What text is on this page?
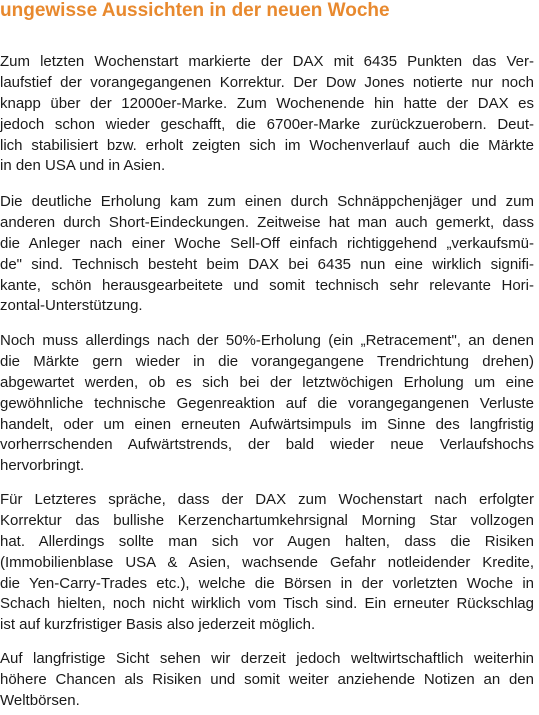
ungewisse Aussichten in der neuen Woche
Zum letzten Wochenstart markierte der DAX mit 6435 Punkten das Ver-
laufstief der vorangegangenen Korrektur. Der Dow Jones notierte nur noch
knapp über der 12000er-Marke. Zum Wochenende hin hatte der DAX es
jedoch schon wieder geschafft, die 6700er-Marke zurückzuerobern. Deut-
lich stabilisiert bzw. erholt zeigten sich im Wochenverlauf auch die Märkte
in den USA und in Asien.
Die deutliche Erholung kam zum einen durch Schnäppchenjäger und zum
anderen durch Short-Eindeckungen. Zeitweise hat man auch gemerkt, dass
die Anleger nach einer Woche Sell-Off einfach richtiggehend „verkaufsmü-
de" sind. Technisch besteht beim DAX bei 6435 nun eine wirklich signifi-
kante, schön herausgearbeitete und somit technisch sehr relevante Hori-
zontal-Unterstützung.
Noch muss allerdings nach der 50%-Erholung (ein „Retracement", an denen
die Märkte gern wieder in die vorangegangene Trendrichtung drehen)
abgewartet werden, ob es sich bei der letztwöchigen Erholung um eine
gewöhnliche technische Gegenreaktion auf die vorangegangenen Verluste
handelt, oder um einen erneuten Aufwärtsimpuls im Sinne des langfristig
vorherrschenden Aufwärtstrends, der bald wieder neue Verlaufshochs
hervorbringt.
Für Letzteres spräche, dass der DAX zum Wochenstart nach erfolgter
Korrektur das bullishe Kerzenchartumkehrsignal Morning Star vollzogen
hat. Allerdings sollte man sich vor Augen halten, dass die Risiken
(Immobilienblase USA & Asien, wachsende Gefahr notleidender Kredite,
die Yen-Carry-Trades etc.), welche die Börsen in der vorletzten Woche in
Schach hielten, noch nicht wirklich vom Tisch sind. Ein erneuter Rückschlag
ist auf kurzfristiger Basis also jederzeit möglich.
Auf langfristige Sicht sehen wir derzeit jedoch weltwirtschaftlich weiterhin
höhere Chancen als Risiken und somit weiter anziehende Notizen an den
Weltbörsen.
